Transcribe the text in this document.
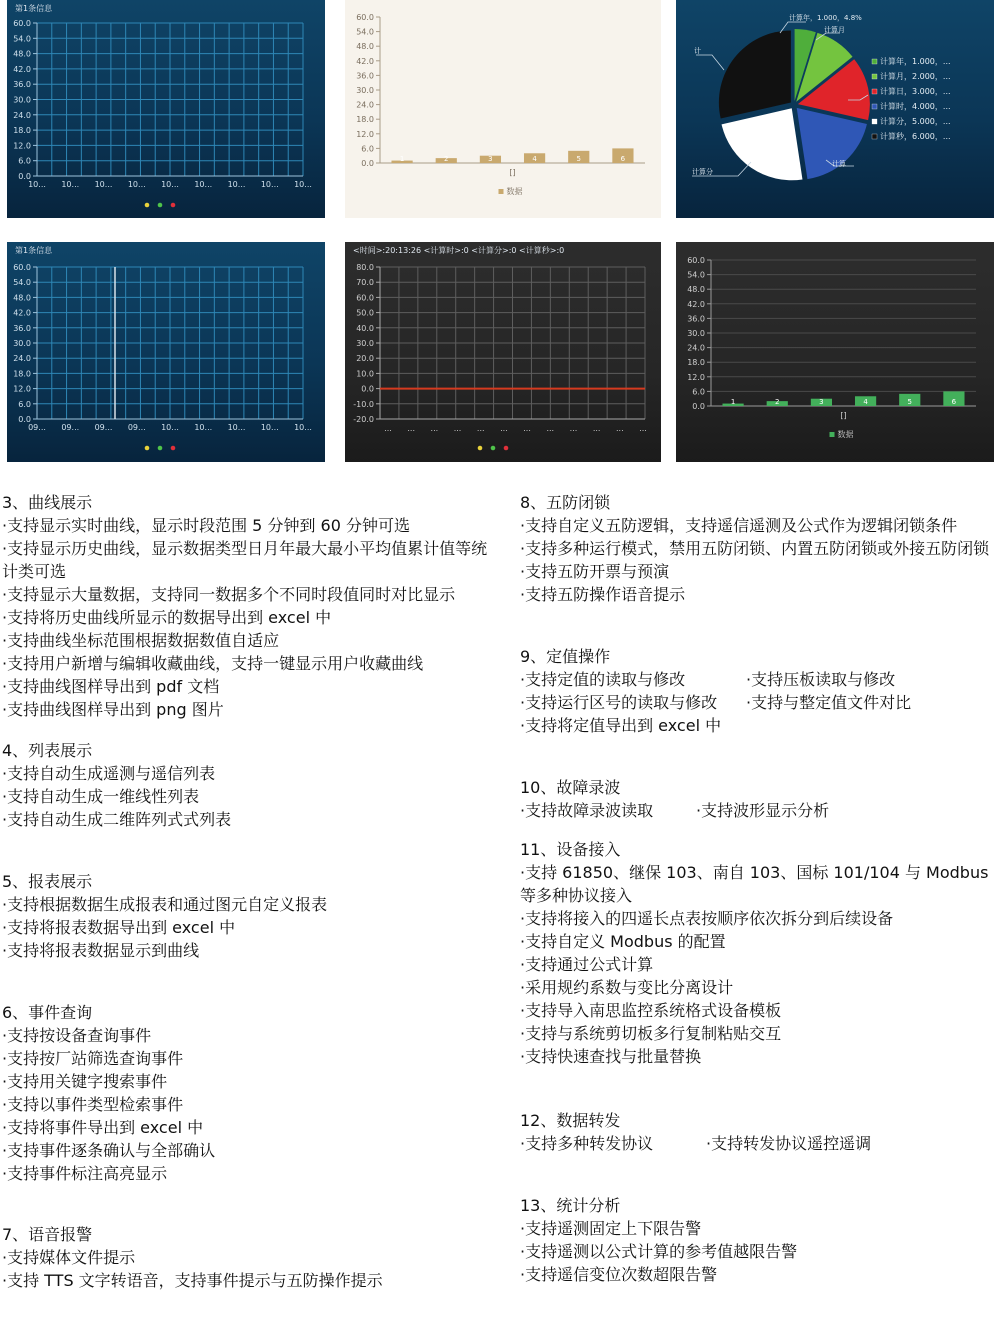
第1条信息
60.0
54.0
48.0
42.0
36.0
30.0
24.0
18.0
12.0
6.0
0.0
10... 10... 10... 10... 10... 10... 10... 10... 10...
60.0
54.0
48.0
42.0
36.0
30.0
24.0
18.0
12.0
6.0
0.0	1	2	3	4	5	6
[]
数据
计算年，1.000，4.8%
计算月
计
计算分
计算
计算年，1.000，...
计算月，2.000，...
计算日，3.000，...
计算时，4.000，...
计算分，5.000，...
计算秒，6.000，...
第1条信息
60.0
54.0
48.0
42.0
36.0
30.0
24.0
18.0
12.0
6.0
0.0
09... 09... 09... 09... 10... 10... 10... 10... 10...
<时间>:20:13:26 <计算时>:0 <计算分>:0 <计算秒>:0
80.0
70.0
60.0
50.0
40.0
30.0
20.0
10.0
0.0
-10.0
-20.0
... ... ... ... ... ... ... ... ... ... ... ...
60.0
54.0
48.0
42.0
36.0
30.0
24.0
18.0
12.0
6.0
0.0	1	2	3	4	5	6
[]
数据
3、曲线展示
·支持显示实时曲线，显示时段范围 5 分钟到 60 分钟可选
·支持显示历史曲线，显示数据类型日月年最大最小平均值累计值等统计类可选
·支持显示大量数据，支持同一数据多个不同时段值同时对比显示
·支持将历史曲线所显示的数据导出到 excel 中
·支持曲线坐标范围根据数据数值自适应
·支持用户新增与编辑收藏曲线，支持一键显示用户收藏曲线
·支持曲线图样导出到 pdf 文档
·支持曲线图样导出到 png 图片
4、列表展示
·支持自动生成遥测与遥信列表
·支持自动生成一维线性列表
·支持自动生成二维阵列式式列表
5、报表展示
·支持根据数据生成报表和通过图元自定义报表
·支持将报表数据导出到 excel 中
·支持将报表数据显示到曲线
6、事件查询
·支持按设备查询事件
·支持按厂站筛选查询事件
·支持用关键字搜索事件
·支持以事件类型检索事件
·支持将事件导出到 excel 中
·支持事件逐条确认与全部确认
·支持事件标注高亮显示
7、语音报警
·支持媒体文件提示
·支持 TTS 文字转语音，支持事件提示与五防操作提示
8、五防闭锁
·支持自定义五防逻辑，支持遥信遥测及公式作为逻辑闭锁条件
·支持多种运行模式，禁用五防闭锁、内置五防闭锁或外接五防闭锁
·支持五防开票与预演
·支持五防操作语音提示
9、定值操作
·支持定值的读取与修改	·支持压板读取与修改
·支持运行区号的读取与修改	·支持与整定值文件对比
·支持将定值导出到 excel 中
10、故障录波
·支持故障录波读取	·支持波形显示分析
11、设备接入
·支持 61850、继保 103、南自 103、国标 101/104 与 Modbus 等多种协议接入
·支持将接入的四遥长点表按顺序依次拆分到后续设备
·支持自定义 Modbus 的配置
·支持通过公式计算
·采用规约系数与变比分离设计
·支持导入南思监控系统格式设备模板
·支持与系统剪切板多行复制粘贴交互
·支持快速查找与批量替换
12、数据转发
·支持多种转发协议	·支持转发协议遥控遥调
13、统计分析
·支持遥测固定上下限告警
·支持遥测以公式计算的参考值越限告警
·支持遥信变位次数超限告警
